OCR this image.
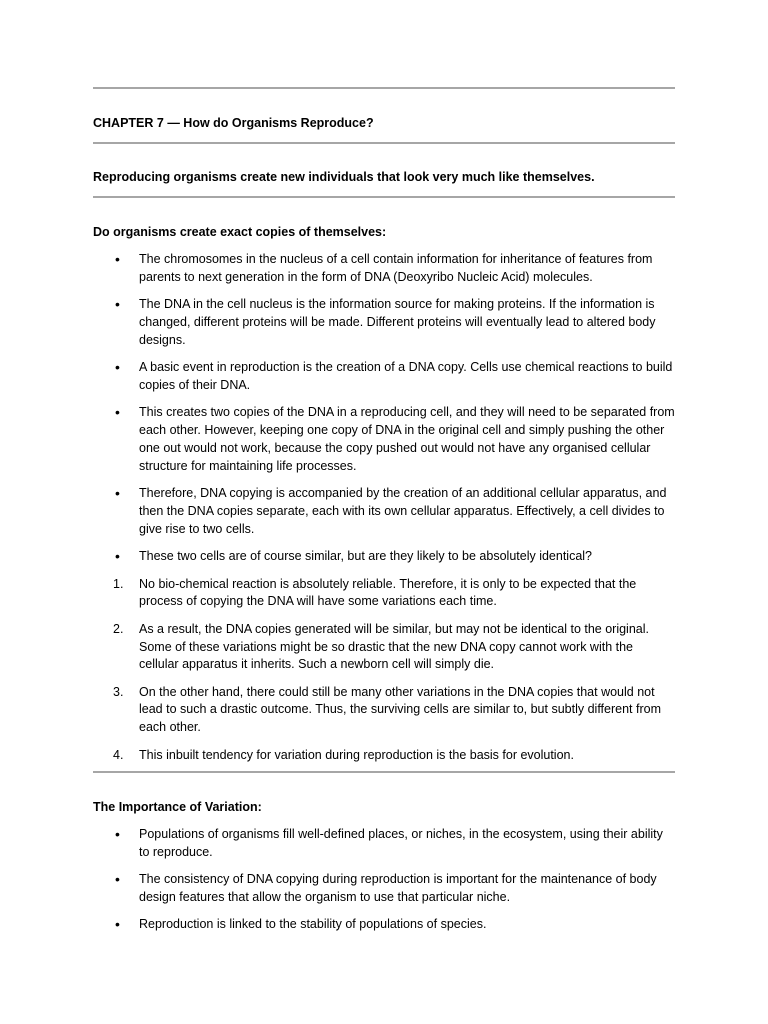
CHAPTER 7 — How do Organisms Reproduce?
Reproducing organisms create new individuals that look very much like themselves.
Do organisms create exact copies of themselves:
•	The chromosomes in the nucleus of a cell contain information for inheritance of features from parents to next generation in the form of DNA (Deoxyribo Nucleic Acid) molecules.
•	The DNA in the cell nucleus is the information source for making proteins. If the information is changed, different proteins will be made. Different proteins will eventually lead to altered body designs.
•	A basic event in reproduction is the creation of a DNA copy. Cells use chemical reactions to build copies of their DNA.
•	This creates two copies of the DNA in a reproducing cell, and they will need to be separated from each other. However, keeping one copy of DNA in the original cell and simply pushing the other one out would not work, because the copy pushed out would not have any organised cellular structure for maintaining life processes.
•	Therefore, DNA copying is accompanied by the creation of an additional cellular apparatus, and then the DNA copies separate, each with its own cellular apparatus. Effectively, a cell divides to give rise to two cells.
•	These two cells are of course similar, but are they likely to be absolutely identical?
1.	No bio-chemical reaction is absolutely reliable. Therefore, it is only to be expected that the process of copying the DNA will have some variations each time.
2.	As a result, the DNA copies generated will be similar, but may not be identical to the original. Some of these variations might be so drastic that the new DNA copy cannot work with the cellular apparatus it inherits. Such a newborn cell will simply die.
3.	On the other hand, there could still be many other variations in the DNA copies that would not lead to such a drastic outcome. Thus, the surviving cells are similar to, but subtly different from each other.
4.	This inbuilt tendency for variation during reproduction is the basis for evolution.
The Importance of Variation:
•	Populations of organisms fill well-defined places, or niches, in the ecosystem, using their ability to reproduce.
•	The consistency of DNA copying during reproduction is important for the maintenance of body design features that allow the organism to use that particular niche.
•	Reproduction is linked to the stability of populations of species.
